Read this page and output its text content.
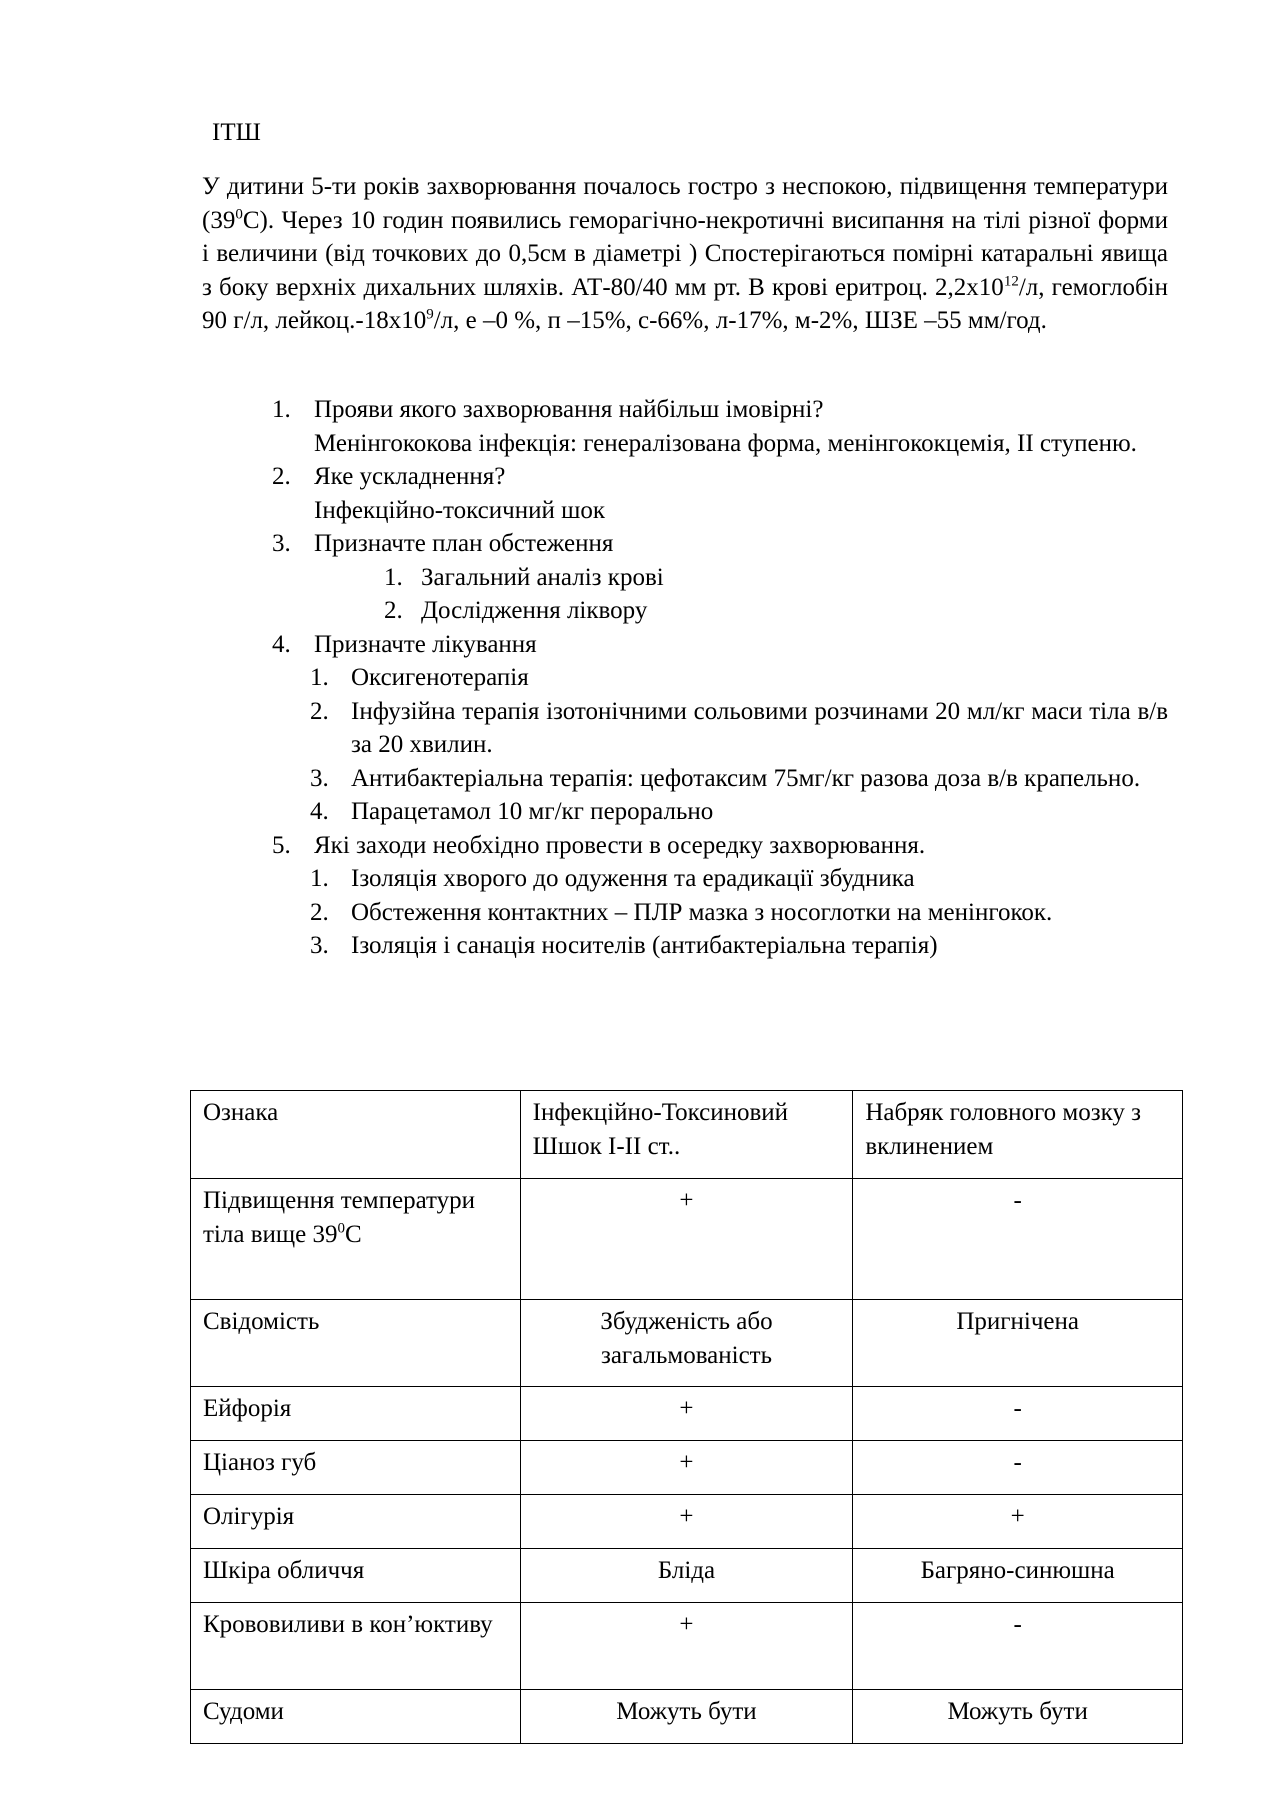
ІТШ

У дитини 5-ти років захворювання почалось гостро з неспокою, підвищення температури $(39^0С)$. Через 10 годин появились геморагічно-некротичні висипання на тілі різної форми і величини (від точкових до 0,5см в діаметрі ) Спостерігаються помірні катаральні явища з боку верхніх дихальних шляхів. АТ-80/40 мм рт. В крові еритроц. $2,2х10^{12}/л$, гемоглобін 90 г/л, $лейкоц.-18х10^9/л$, е –0 %, п –15%, с-66%, л-17%, м-2%, ШЗЕ –55 мм/год.

1. Прояви якого захворювання найбільш імовірні?
Менінгококова інфекція: генералізована форма, менінгококцемія, ІІ ступеню.
2. Яке ускладнення?
Інфекційно-токсичний шок
3. Призначте план обстеження
1. Загальний аналіз крові
2. Дослідження ліквору
4. Призначте лікування
1. Оксигенотерапія
2. Інфузійна терапія ізотонічними сольовими розчинами 20 мл/кг маси тіла в/в за 20 хвилин.
3. Антибактеріальна терапія: цефотаксим 75мг/кг разова доза в/в крапельно.
4. Парацетамол 10 мг/кг перорально
5. Які заходи необхідно провести в осередку захворювання.
1. Ізоляція хворого до одуження та ерадикації збудника
2. Обстеження контактних – ПЛР мазка з носоглотки на менінгокок.
3. Ізоляція і санація носителів (антибактеріальна терапія)
Ознака	Інфекційно-Токсиновий Шшок І-ІІ ст..	Набряк головного мозку з вклинением
Підвищення температури тіла вище $39^0С$	+	-
Свідомість	Збудженість або загальмованість	Пригнічена
Ейфорія	+	-
Ціаноз губ	+	-
Олігурія	+	+
Шкіра обличчя	Бліда	Багряно-синюшна
Крововиливи в кон’юктиву	+	-
Судоми	Можуть бути	Можуть бути
